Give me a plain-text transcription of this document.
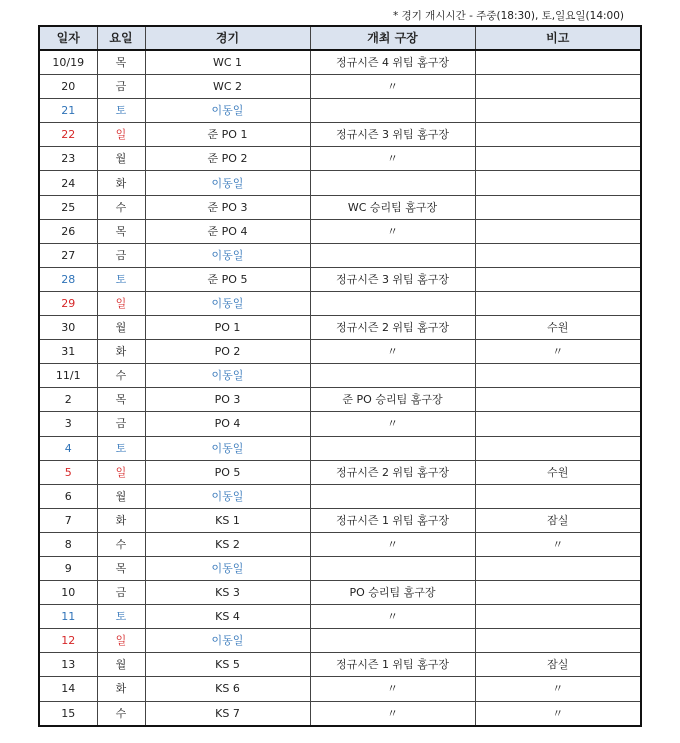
* 경기 개시시간 - 주중(18:30), 토,일요일(14:00)
일자	요일	경기	개최 구장	비고
10/19	목	WC 1	정규시즌 4 위팀 홈구장	
20	금	WC 2	〃	
21	토	이동일		
22	일	준 PO 1	정규시즌 3 위팀 홈구장	
23	월	준 PO 2	〃	
24	화	이동일		
25	수	준 PO 3	WC 승리팀 홈구장	
26	목	준 PO 4	〃	
27	금	이동일		
28	토	준 PO 5	정규시즌 3 위팀 홈구장	
29	일	이동일		
30	월	PO 1	정규시즌 2 위팀 홈구장	수원
31	화	PO 2	〃	〃
11/1	수	이동일		
2	목	PO 3	준 PO 승리팀 홈구장	
3	금	PO 4	〃	
4	토	이동일		
5	일	PO 5	정규시즌 2 위팀 홈구장	수원
6	월	이동일		
7	화	KS 1	정규시즌 1 위팀 홈구장	잠실
8	수	KS 2	〃	〃
9	목	이동일		
10	금	KS 3	PO 승리팀 홈구장	
11	토	KS 4	〃	
12	일	이동일		
13	월	KS 5	정규시즌 1 위팀 홈구장	잠실
14	화	KS 6	〃	〃
15	수	KS 7	〃	〃
